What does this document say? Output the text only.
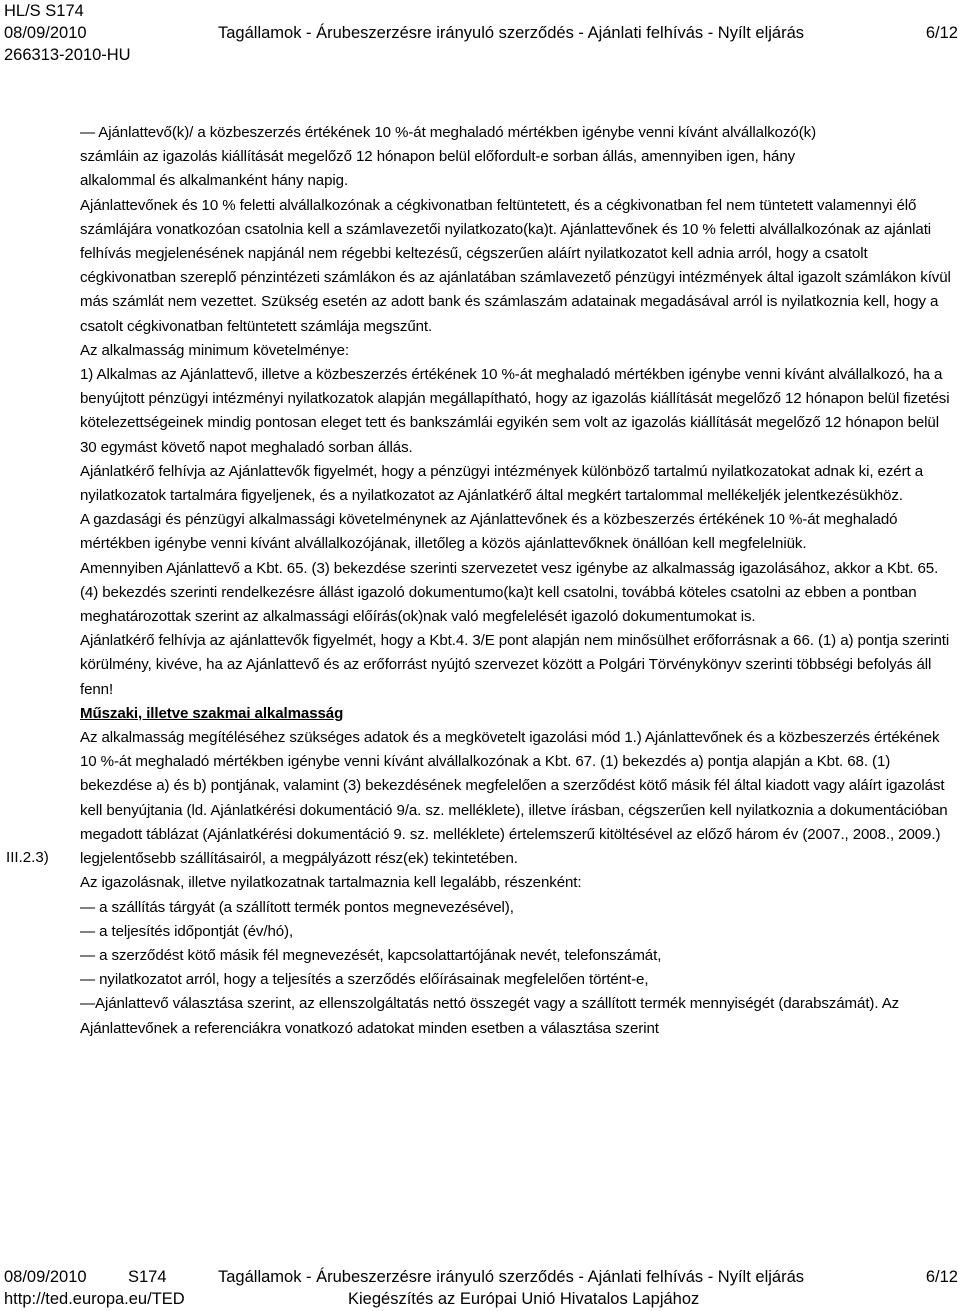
HL/S S174
08/09/2010	Tagállamok - Árubeszerzésre irányuló szerződés - Ajánlati felhívás - Nyílt eljárás	6/12
266313-2010-HU
III.2.3)

— Ajánlattevő(k)/ a közbeszerzés értékének 10 %-át meghaladó mértékben igénybe venni kívánt alvállalkozó(k)

számláin az igazolás kiállítását megelőző 12 hónapon belül előfordult-e sorban állás, amennyiben igen, hány

alkalommal és alkalmanként hány napig.

Ajánlattevőnek és 10 % feletti alvállalkozónak a cégkivonatban feltüntetett, és a cégkivonatban fel nem tüntetett valamennyi élő számlájára vonatkozóan csatolnia kell a számlavezetői nyilatkozato(ka)t. Ajánlattevőnek és 10 % feletti alvállalkozónak az ajánlati felhívás megjelenésének napjánál nem régebbi keltezésű, cégszerűen aláírt nyilatkozatot kell adnia arról, hogy a csatolt cégkivonatban szereplő pénzintézeti számlákon és az ajánlatában számlavezető pénzügyi intézmények által igazolt számlákon kívül más számlát nem vezettet. Szükség esetén az adott bank és számlaszám adatainak megadásával arról is nyilatkoznia kell, hogy a csatolt cégkivonatban feltüntetett számlája megszűnt.

Az alkalmasság minimum követelménye:

1) Alkalmas az Ajánlattevő, illetve a közbeszerzés értékének 10 %-át meghaladó mértékben igénybe venni kívánt alvállalkozó, ha a benyújtott pénzügyi intézményi nyilatkozatok alapján megállapítható, hogy az igazolás kiállítását megelőző 12 hónapon belül fizetési kötelezettségeinek mindig pontosan eleget tett és bankszámlái egyikén sem volt az igazolás kiállítását megelőző 12 hónapon belül 30 egymást követő napot meghaladó sorban állás.

Ajánlatkérő felhívja az Ajánlattevők figyelmét, hogy a pénzügyi intézmények különböző tartalmú nyilatkozatokat adnak ki, ezért a nyilatkozatok tartalmára figyeljenek, és a nyilatkozatot az Ajánlatkérő által megkért tartalommal mellékeljék jelentkezésükhöz.

A gazdasági és pénzügyi alkalmassági követelménynek az Ajánlattevőnek és a közbeszerzés értékének 10 %-át meghaladó mértékben igénybe venni kívánt alvállalkozójának, illetőleg a közös ajánlattevőknek önállóan kell megfelelniük.

Amennyiben Ajánlattevő a Kbt. 65. (3) bekezdése szerinti szervezetet vesz igénybe az alkalmasság igazolásához, akkor a Kbt. 65. (4) bekezdés szerinti rendelkezésre állást igazoló dokumentumo(ka)t kell csatolni, továbbá köteles csatolni az ebben a pontban meghatározottak szerint az alkalmassági előírás(ok)nak való megfelelését igazoló dokumentumokat is.

Ajánlatkérő felhívja az ajánlattevők figyelmét, hogy a Kbt.4. 3/E pont alapján nem minősülhet erőforrásnak a 66. (1) a) pontja szerinti körülmény, kivéve, ha az Ajánlattevő és az erőforrást nyújtó szervezet között a Polgári Törvénykönyv szerinti többségi befolyás áll fenn!

Műszaki, illetve szakmai alkalmasság

Az alkalmasság megítéléséhez szükséges adatok és a megkövetelt igazolási mód 1.) Ajánlattevőnek és a közbeszerzés értékének 10 %-át meghaladó mértékben igénybe venni kívánt alvállalkozónak a Kbt. 67. (1) bekezdés a) pontja alapján a Kbt. 68. (1) bekezdése a) és b) pontjának, valamint (3) bekezdésének megfelelően a szerződést kötő másik fél által kiadott vagy aláírt igazolást kell benyújtania (ld. Ajánlatkérési dokumentáció 9/a. sz. melléklete), illetve írásban, cégszerűen kell nyilatkoznia a dokumentációban megadott táblázat (Ajánlatkérési dokumentáció 9. sz. melléklete) értelemszerű kitöltésével az előző három év (2007., 2008., 2009.) legjelentősebb szállításairól, a megpályázott rész(ek) tekintetében.

Az igazolásnak, illetve nyilatkozatnak tartalmaznia kell legalább, részenként:

— a szállítás tárgyát (a szállított termék pontos megnevezésével),

— a teljesítés időpontját (év/hó),

— a szerződést kötő másik fél megnevezését, kapcsolattartójának nevét, telefonszámát,

— nyilatkozatot arról, hogy a teljesítés a szerződés előírásainak megfelelően történt-e,

—Ajánlattevő választása szerint, az ellenszolgáltatás nettó összegét vagy a szállított termék mennyiségét (darabszámát). Az Ajánlattevőnek a referenciákra vonatkozó adatokat minden esetben a választása szerint

08/09/2010	S174	Tagállamok - Árubeszerzésre irányuló szerződés - Ajánlati felhívás - Nyílt eljárás	6/12
http://ted.europa.eu/TED	Kiegészítés az Európai Unió Hivatalos Lapjához
